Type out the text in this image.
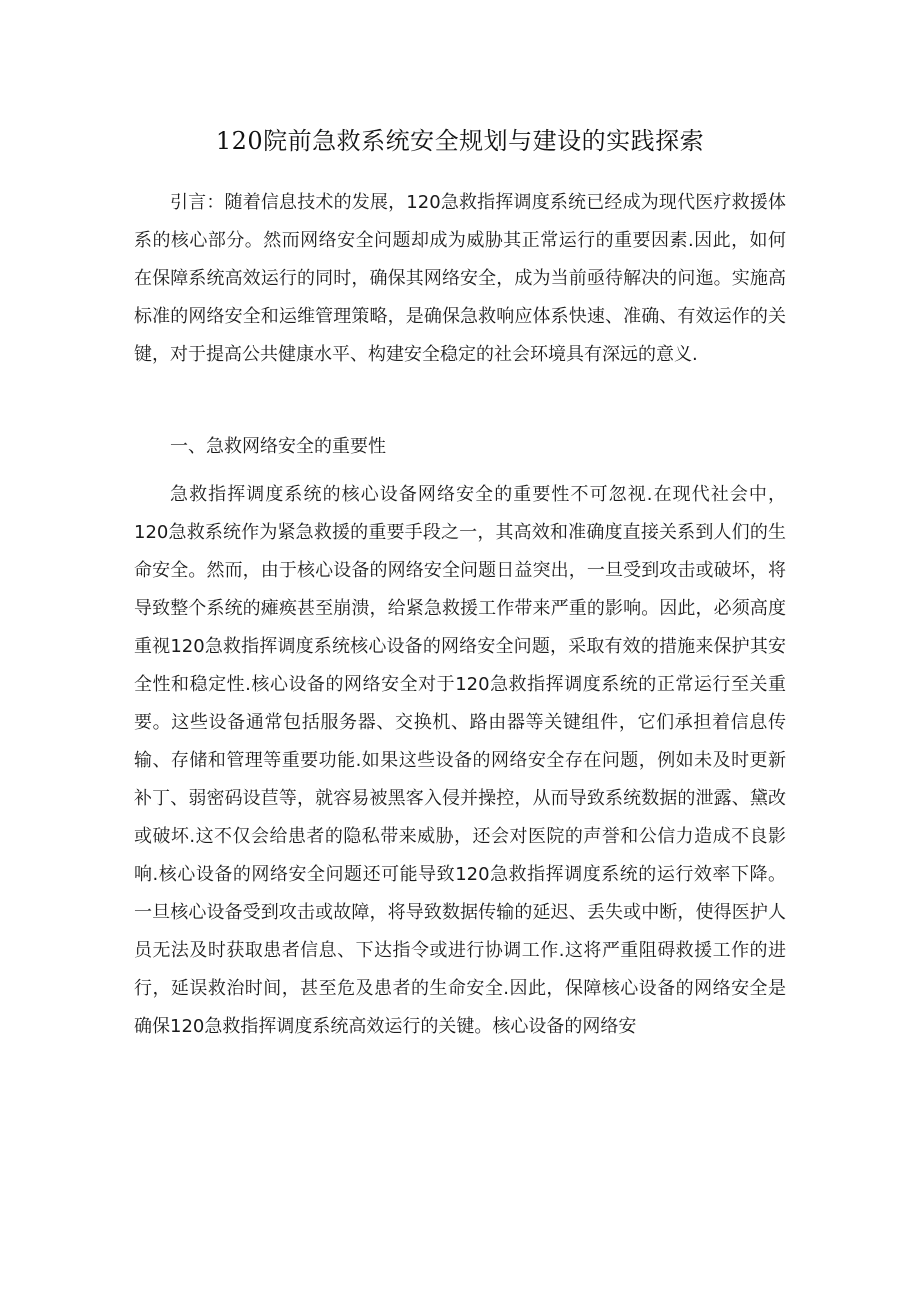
120院前急救系统安全规划与建设的实践探索

引言：随着信息技术的发展，120急救指挥调度系统已经成为现代医疗救援体系的核心部分。然而网络安全问题却成为威胁其正常运行的重要因素.因此，如何在保障系统高效运行的同时，确保其网络安全，成为当前亟待解决的问迤。实施高标准的网络安全和运维管理策略，是确保急救响应体系快速、准确、有效运作的关键，对于提高公共健康水平、构建安全稳定的社会环境具有深远的意义.

一、急救网络安全的重要性

急救指挥调度系统的核心设备网络安全的重要性不可忽视.在现代社会中，120急救系统作为紧急救援的重要手段之一，其高效和准确度直接关系到人们的生命安全。然而，由于核心设备的网络安全问题日益突出，一旦受到攻击或破坏，将导致整个系统的瘫痪甚至崩溃，给紧急救援工作带来严重的影响。因此，必须高度重视120急救指挥调度系统核心设备的网络安全问题，采取有效的措施来保护其安全性和稳定性.核心设备的网络安全对于120急救指挥调度系统的正常运行至关重要。这些设备通常包括服务器、交换机、路由器等关键组件，它们承担着信息传输、存储和管理等重要功能.如果这些设备的网络安全存在问题，例如未及时更新补丁、弱密码设苣等，就容易被黑客入侵并操控，从而导致系统数据的泄露、黛改或破坏.这不仅会给患者的隐私带来威胁，还会对医院的声誉和公信力造成不良影响.核心设备的网络安全问题还可能导致120急救指挥调度系统的运行效率下降。一旦核心设备受到攻击或故障，将导致数据传输的延迟、丢失或中断，使得医护人员无法及时获取患者信息、下达指令或进行协调工作.这将严重阻碍救援工作的进行，延误救治时间，甚至危及患者的生命安全.因此，保障核心设备的网络安全是确保120急救指挥调度系统高效运行的关键。核心设备的网络安
